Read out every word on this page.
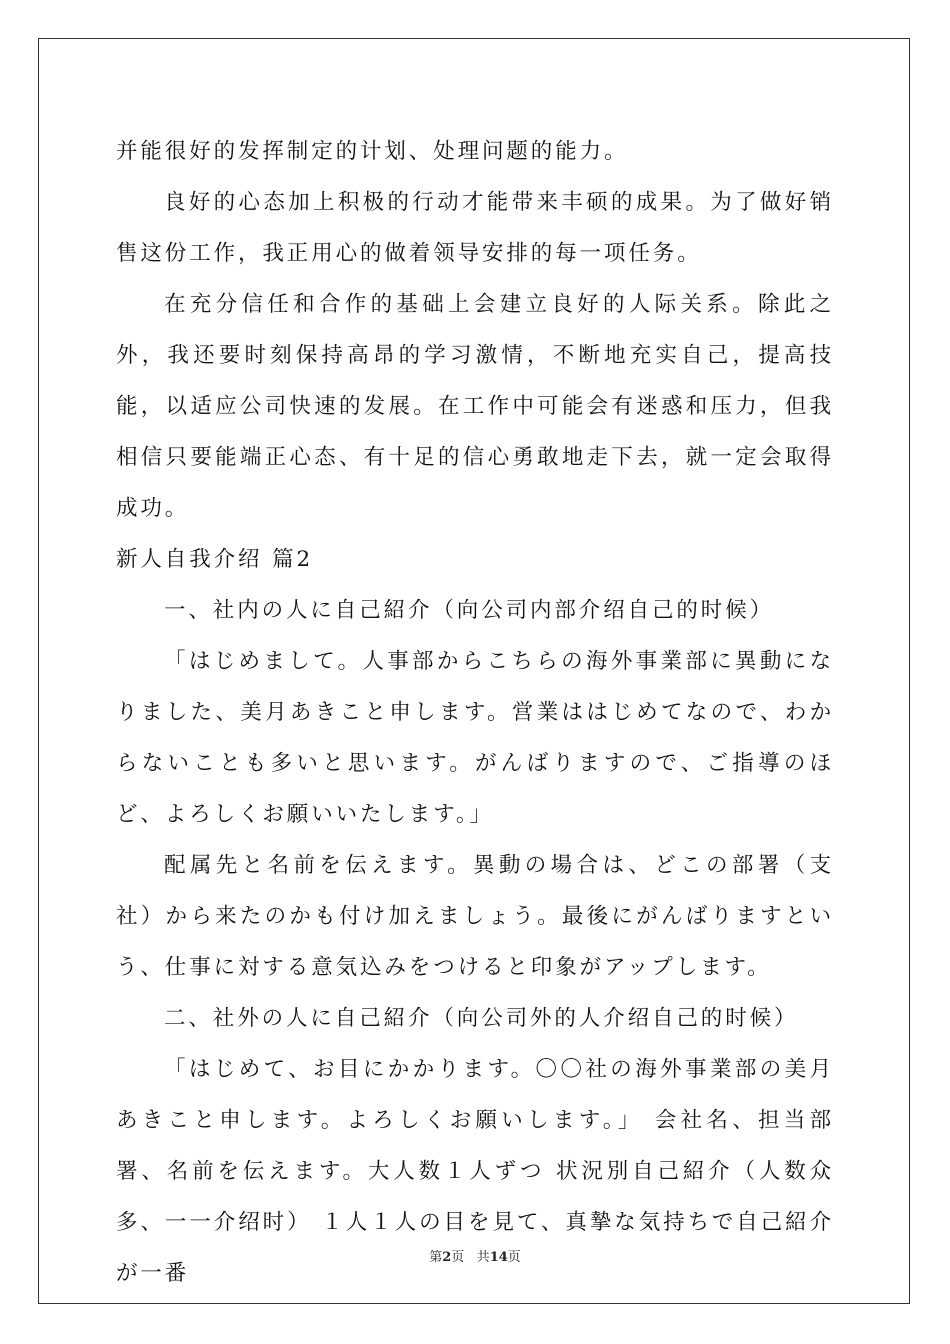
并能很好的发挥制定的计划、处理问题的能力。

良好的心态加上积极的行动才能带来丰硕的成果。为了做好销售这份工作，我正用心的做着领导安排的每一项任务。

在充分信任和合作的基础上会建立良好的人际关系。除此之外，我还要时刻保持高昂的学习激情，不断地充实自己，提高技能，以适应公司快速的发展。在工作中可能会有迷惑和压力，但我相信只要能端正心态、有十足的信心勇敢地走下去，就一定会取得成功。

新人自我介绍 篇2

一、社内の人に自己紹介（向公司内部介绍自己的时候）

「はじめまして。人事部からこちらの海外事業部に異動になりました、美月あきこと申します。営業ははじめてなので、わからないことも多いと思います。がんばりますので、ご指導のほど、よろしくお願いいたします。」

配属先と名前を伝えます。異動の場合は、どこの部署（支社）から来たのかも付け加えましょう。最後にがんばりますという、仕事に対する意気込みをつけると印象がアップします。

二、社外の人に自己紹介（向公司外的人介绍自己的时候）

「はじめて、お目にかかります。〇〇社の海外事業部の美月あきこと申します。よろしくお願いします。」 会社名、担当部署、名前を伝えます。大人数１人ずつ 状況別自己紹介（人数众多、一一介绍时） １人１人の目を見て、真摯な気持ちで自己紹介が一番

第2页 共14页
